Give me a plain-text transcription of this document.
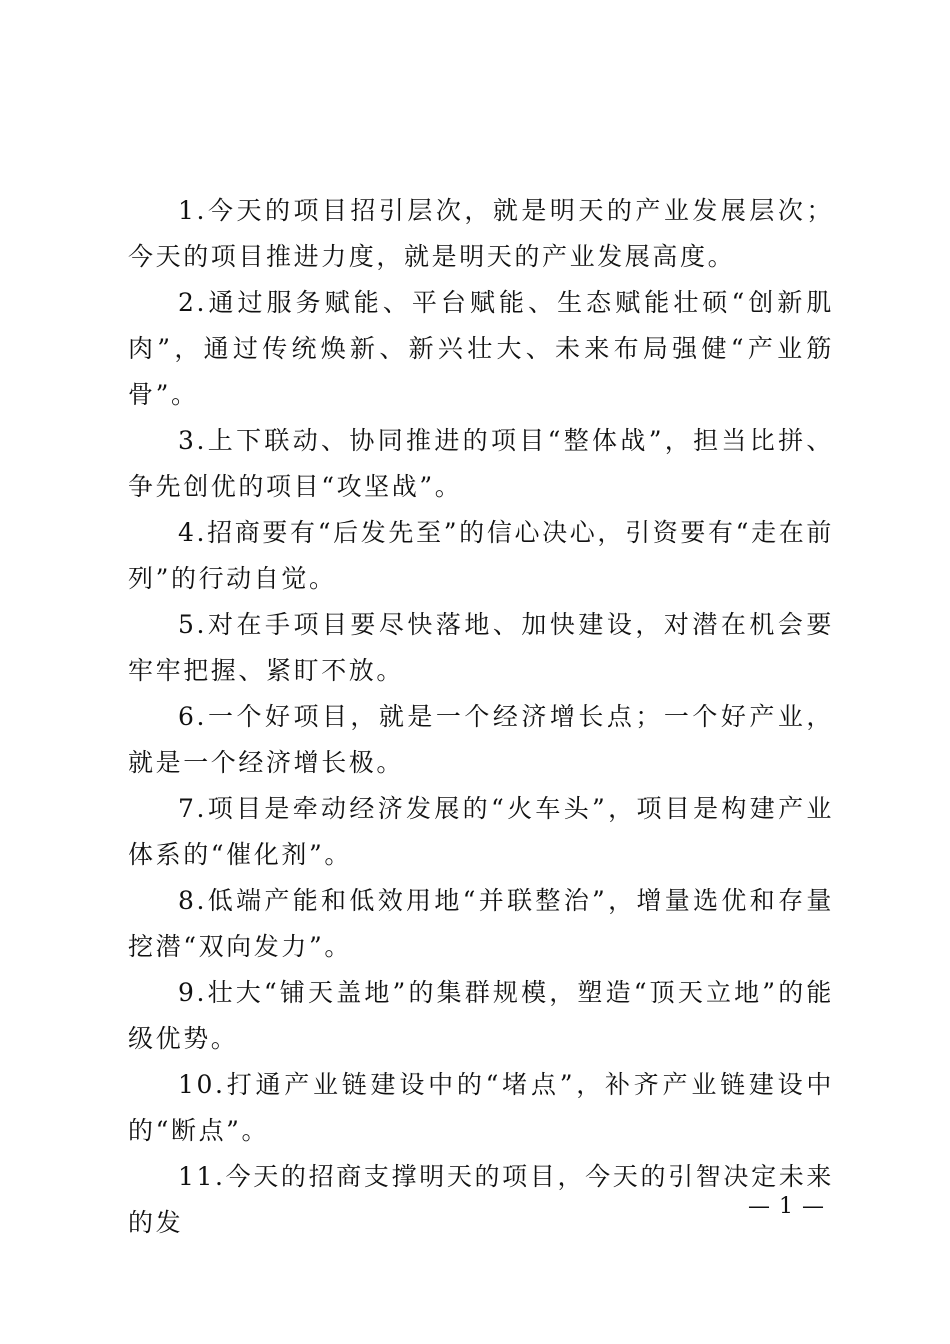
1.今天的项目招引层次，就是明天的产业发展层次；今天的项目推进力度，就是明天的产业发展高度。

2.通过服务赋能、平台赋能、生态赋能壮硕“创新肌肉”，通过传统焕新、新兴壮大、未来布局强健“产业筋骨”。

3.上下联动、协同推进的项目“整体战”，担当比拼、争先创优的项目“攻坚战”。

4.招商要有“后发先至”的信心决心，引资要有“走在前列”的行动自觉。

5.对在手项目要尽快落地、加快建设，对潜在机会要牢牢把握、紧盯不放。

6.一个好项目，就是一个经济增长点；一个好产业，就是一个经济增长极。

7.项目是牵动经济发展的“火车头”，项目是构建产业体系的“催化剂”。

8.低端产能和低效用地“并联整治”，增量选优和存量挖潜“双向发力”。

9.壮大“铺天盖地”的集群规模，塑造“顶天立地”的能级优势。

10.打通产业链建设中的“堵点”，补齐产业链建设中的“断点”。

11.今天的招商支撑明天的项目，今天的引智决定未来的发

— 1 —
